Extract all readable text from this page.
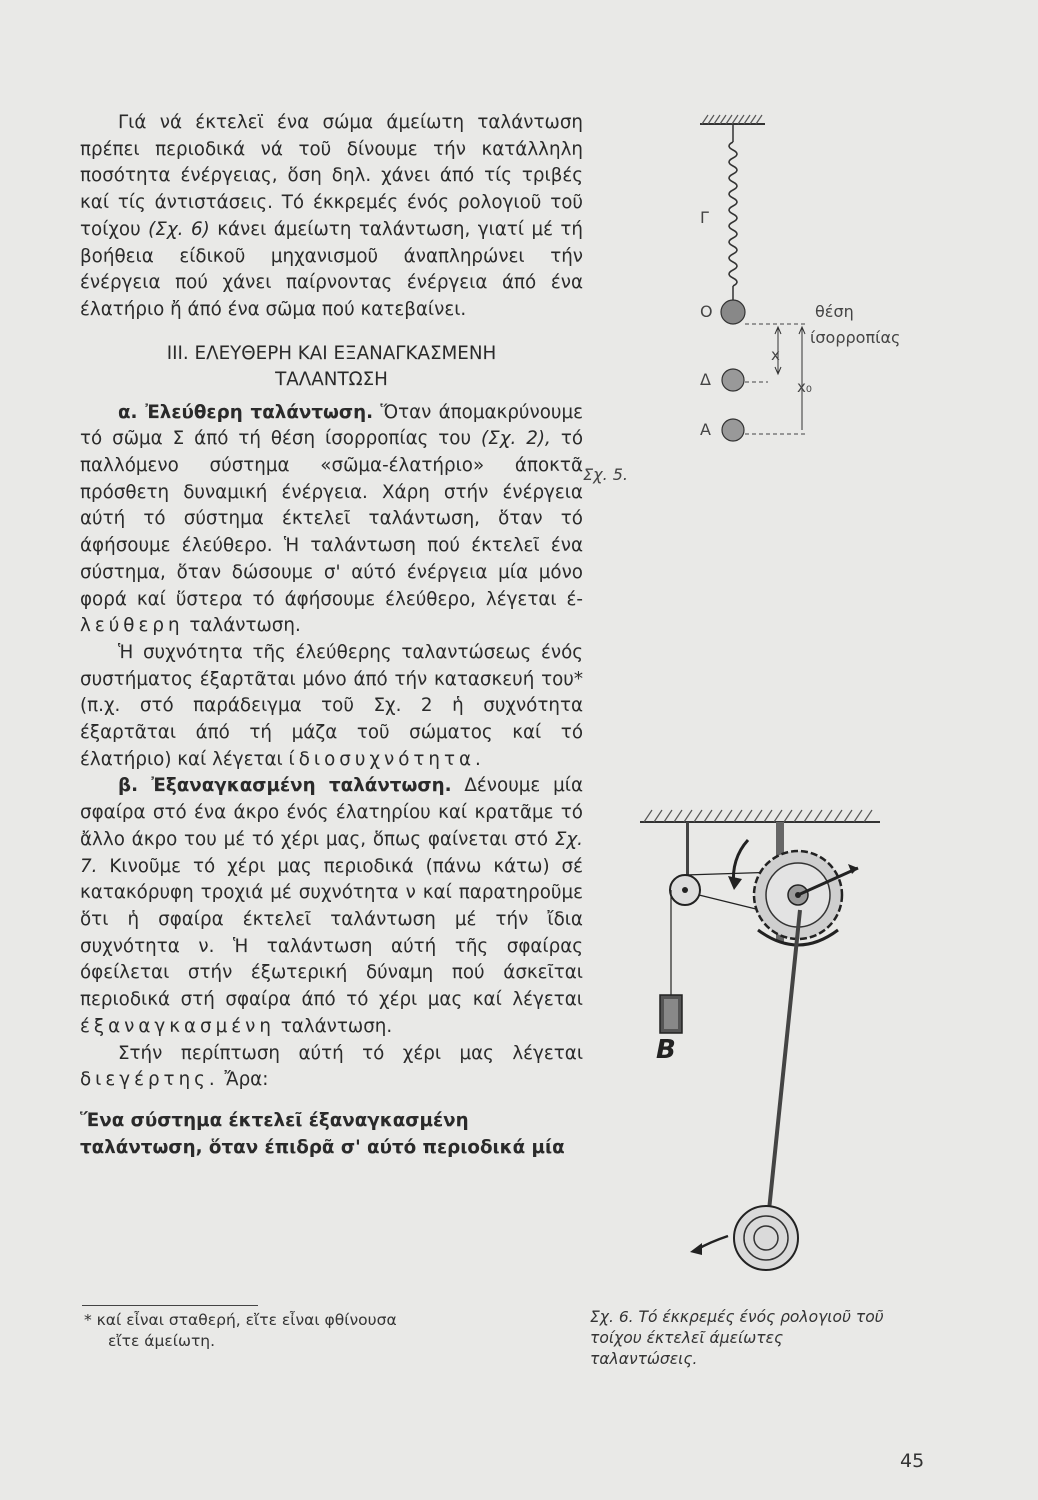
Γιά νά έκτελεϊ ένα σώμα άμείωτη ταλάντωση πρέπει περιοδικά νά τοῦ δίνουμε τήν κατάλληλη ποσότητα ένέργειας, ὅση δηλ. χάνει άπό τίς τριβές καί τίς άντιστάσεις. Τό έκκρεμές ένός ρολογιοῦ τοῦ τοίχου (Σχ. 6) κάνει άμείωτη ταλάντωση, γιατί μέ τή βοήθεια είδικοῦ μηχανισμοῦ άναπληρώνει τήν ένέργεια πού χάνει παίρνοντας ένέργεια άπό ένα έλατήριο ἤ άπό ένα σῶμα πού κατεβαίνει.

III. ΕΛΕΥΘΕΡΗ ΚΑΙ ΕΞΑΝΑΓΚΑΣΜΕΝΗ
ΤΑΛΑΝΤΩΣΗ

α. Ἐλεύθερη ταλάντωση. Ὅταν άπομακρύνουμε τό σῶμα Σ άπό τή θέση ίσορροπίας του (Σχ. 2), τό παλλόμενο σύστημα «σῶμα-έλατήριο» άποκτᾶ πρόσθετη δυναμική ένέργεια. Χάρη στήν ένέργεια αύτή τό σύστημα έκτελεῖ ταλάντωση, ὅταν τό άφήσουμε έλεύθερο. Ἡ ταλάντωση πού έκτελεῖ ένα σύστημα, ὅταν δώσουμε σ' αύτό ένέργεια μία μόνο φορά καί ὕστερα τό άφήσουμε έλεύθερο, λέγεται έ- λεύθερη ταλάντωση.

Ἡ συχνότητα τῆς έλεύθερης ταλαντώσεως ένός συστήματος έξαρτᾶται μόνο άπό τήν κατασκευή του* (π.χ. στό παράδειγμα τοῦ Σχ. 2 ἡ συχνότητα έξαρτᾶται άπό τή μάζα τοῦ σώματος καί τό έλατήριο) καί λέγεται ίδιοσυχνότητα.

β. Ἐξαναγκασμένη ταλάντωση. Δένουμε μία σφαίρα στό ένα άκρο ένός έλατηρίου καί κρατᾶμε τό ἄλλο άκρο του μέ τό χέρι μας, ὅπως φαίνεται στό Σχ. 7. Κινοῦμε τό χέρι μας περιοδικά (πάνω κάτω) σέ κατακόρυφη τροχιά μέ συχνότητα ν καί παρατηροῦμε ὅτι ἡ σφαίρα έκτελεῖ ταλάντωση μέ τήν ἴδια συχνότητα ν. Ἡ ταλάντωση αύτή τῆς σφαίρας όφείλεται στήν έξωτερική δύναμη πού άσκεῖται περιοδικά στή σφαίρα άπό τό χέρι μας καί λέγεται έξαναγκασμένη ταλάντωση.

Στήν περίπτωση αύτή τό χέρι μας λέγεται διεγέρτης. Ἄρα:

Ἕνα σύστημα έκτελεῖ έξαναγκασμένη ταλάντωση, ὅταν έπιδρᾶ σ' αύτό περιοδικά μία

* καί εἶναι σταθερή, εἴτε εἶναι φθίνουσα
εἴτε άμείωτη.
Γ
Ο
Δ
Α
x
x₀
θέση
ίσορροπίας
Σχ. 5.
B
Σχ. 6. Τό έκκρεμές ένός ρολογιοῦ τοῦ τοίχου έκτελεῖ άμείωτες ταλαντώσεις.
45
